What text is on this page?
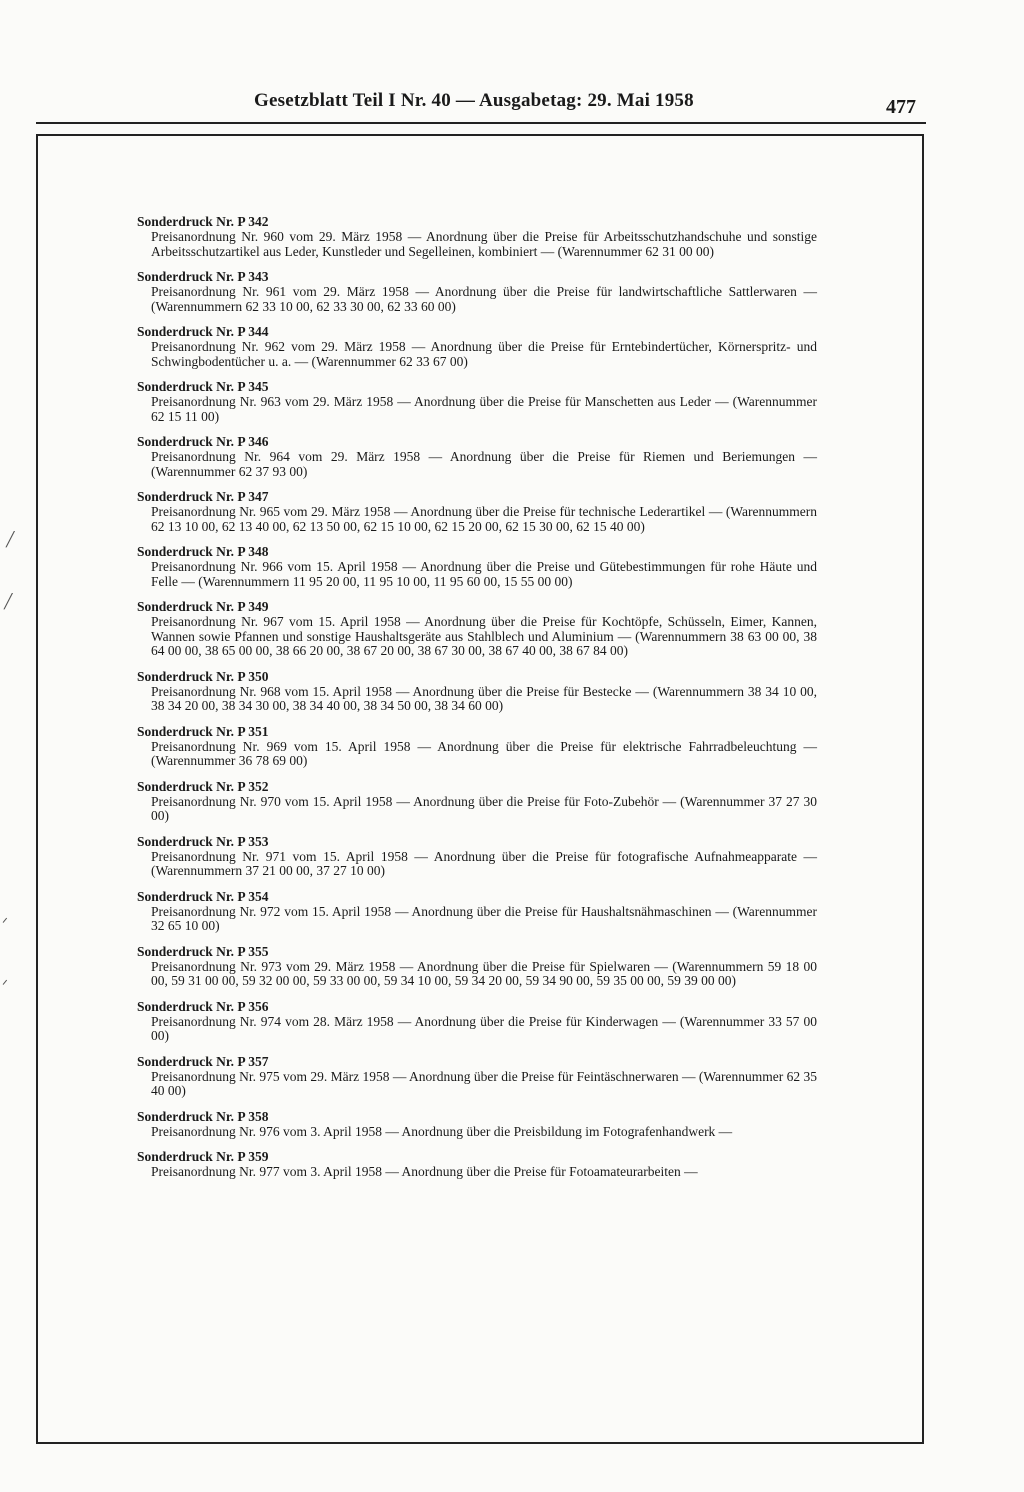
Gesetzblatt Teil I Nr. 40 — Ausgabetag: 29. Mai 1958	477
╱
╱
ᐟ
ᐟ
Sonderdruck Nr. P 342
Preisanordnung Nr. 960 vom 29. März 1958 — Anordnung über die Preise für Arbeitsschutzhandschuhe und sonstige Arbeitsschutzartikel aus Leder, Kunstleder und Segelleinen, kombiniert — (Warennummer 62 31 00 00)
Sonderdruck Nr. P 343
Preisanordnung Nr. 961 vom 29. März 1958 — Anordnung über die Preise für landwirtschaftliche Sattlerwaren — (Warennummern 62 33 10 00, 62 33 30 00, 62 33 60 00)
Sonderdruck Nr. P 344
Preisanordnung Nr. 962 vom 29. März 1958 — Anordnung über die Preise für Erntebindertücher, Körnerspritz- und Schwingbodentücher u. a. — (Warennummer 62 33 67 00)
Sonderdruck Nr. P 345
Preisanordnung Nr. 963 vom 29. März 1958 — Anordnung über die Preise für Manschetten aus Leder — (Warennummer 62 15 11 00)
Sonderdruck Nr. P 346
Preisanordnung Nr. 964 vom 29. März 1958 — Anordnung über die Preise für Riemen und Beriemungen — (Warennummer 62 37 93 00)
Sonderdruck Nr. P 347
Preisanordnung Nr. 965 vom 29. März 1958 — Anordnung über die Preise für technische Lederartikel — (Warennummern 62 13 10 00, 62 13 40 00, 62 13 50 00, 62 15 10 00, 62 15 20 00, 62 15 30 00, 62 15 40 00)
Sonderdruck Nr. P 348
Preisanordnung Nr. 966 vom 15. April 1958 — Anordnung über die Preise und Gütebestimmungen für rohe Häute und Felle — (Warennummern 11 95 20 00, 11 95 10 00, 11 95 60 00, 15 55 00 00)
Sonderdruck Nr. P 349
Preisanordnung Nr. 967 vom 15. April 1958 — Anordnung über die Preise für Kochtöpfe, Schüsseln, Eimer, Kannen, Wannen sowie Pfannen und sonstige Haushaltsgeräte aus Stahlblech und Aluminium — (Warennummern 38 63 00 00, 38 64 00 00, 38 65 00 00, 38 66 20 00, 38 67 20 00, 38 67 30 00, 38 67 40 00, 38 67 84 00)
Sonderdruck Nr. P 350
Preisanordnung Nr. 968 vom 15. April 1958 — Anordnung über die Preise für Bestecke — (Warennummern 38 34 10 00, 38 34 20 00, 38 34 30 00, 38 34 40 00, 38 34 50 00, 38 34 60 00)
Sonderdruck Nr. P 351
Preisanordnung Nr. 969 vom 15. April 1958 — Anordnung über die Preise für elektrische Fahrradbeleuchtung — (Warennummer 36 78 69 00)
Sonderdruck Nr. P 352
Preisanordnung Nr. 970 vom 15. April 1958 — Anordnung über die Preise für Foto-Zubehör — (Warennummer 37 27 30 00)
Sonderdruck Nr. P 353
Preisanordnung Nr. 971 vom 15. April 1958 — Anordnung über die Preise für fotografische Aufnahmeapparate — (Warennummern 37 21 00 00, 37 27 10 00)
Sonderdruck Nr. P 354
Preisanordnung Nr. 972 vom 15. April 1958 — Anordnung über die Preise für Haushaltsnähmaschinen — (Warennummer 32 65 10 00)
Sonderdruck Nr. P 355
Preisanordnung Nr. 973 vom 29. März 1958 — Anordnung über die Preise für Spielwaren — (Warennummern 59 18 00 00, 59 31 00 00, 59 32 00 00, 59 33 00 00, 59 34 10 00, 59 34 20 00, 59 34 90 00, 59 35 00 00, 59 39 00 00)
Sonderdruck Nr. P 356
Preisanordnung Nr. 974 vom 28. März 1958 — Anordnung über die Preise für Kinderwagen — (Warennummer 33 57 00 00)
Sonderdruck Nr. P 357
Preisanordnung Nr. 975 vom 29. März 1958 — Anordnung über die Preise für Feintäschnerwaren — (Warennummer 62 35 40 00)
Sonderdruck Nr. P 358
Preisanordnung Nr. 976 vom 3. April 1958 — Anordnung über die Preisbildung im Fotografenhandwerk —
Sonderdruck Nr. P 359
Preisanordnung Nr. 977 vom 3. April 1958 — Anordnung über die Preise für Fotoamateurarbeiten —
